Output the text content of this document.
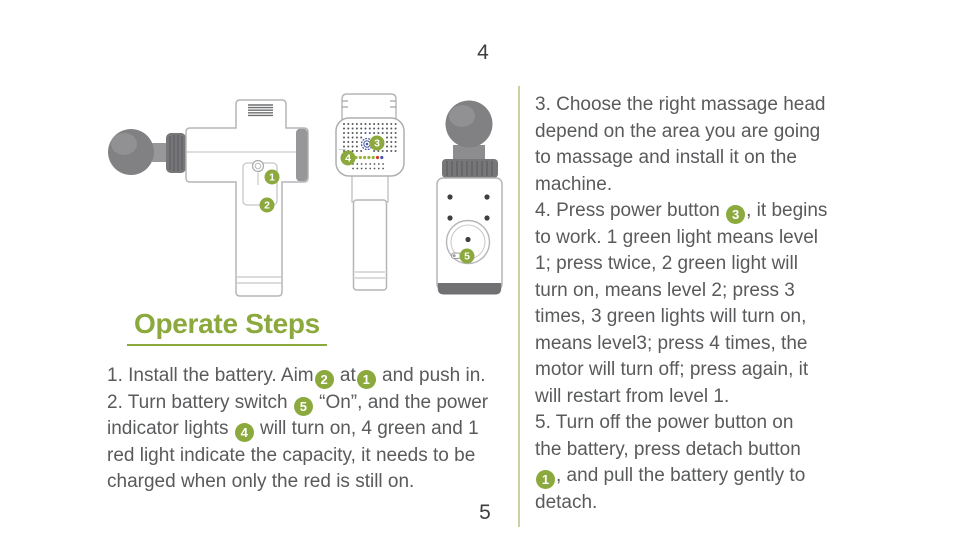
4
1
2
3
4
5
Operate Steps
1. Install the battery. Aim 2 at 1 and push in.
2. Turn battery switch 5 “On”, and the power
indicator lights 4 will turn on, 4 green and 1
red light indicate the capacity, it needs to be
charged when only the red is still on.
3. Choose the right massage head
depend on the area you are going
to massage and install it on the
machine.
4. Press power button 3 , it begins
to work. 1 green light means level
1; press twice, 2 green light will
turn on, means level 2; press 3
times, 3 green lights will turn on,
means level3; press 4 times, the
motor will turn off; press again, it
will restart from level 1.
5. Turn off the power button on
the battery, press detach button
1 , and pull the battery gently to
detach.
5
